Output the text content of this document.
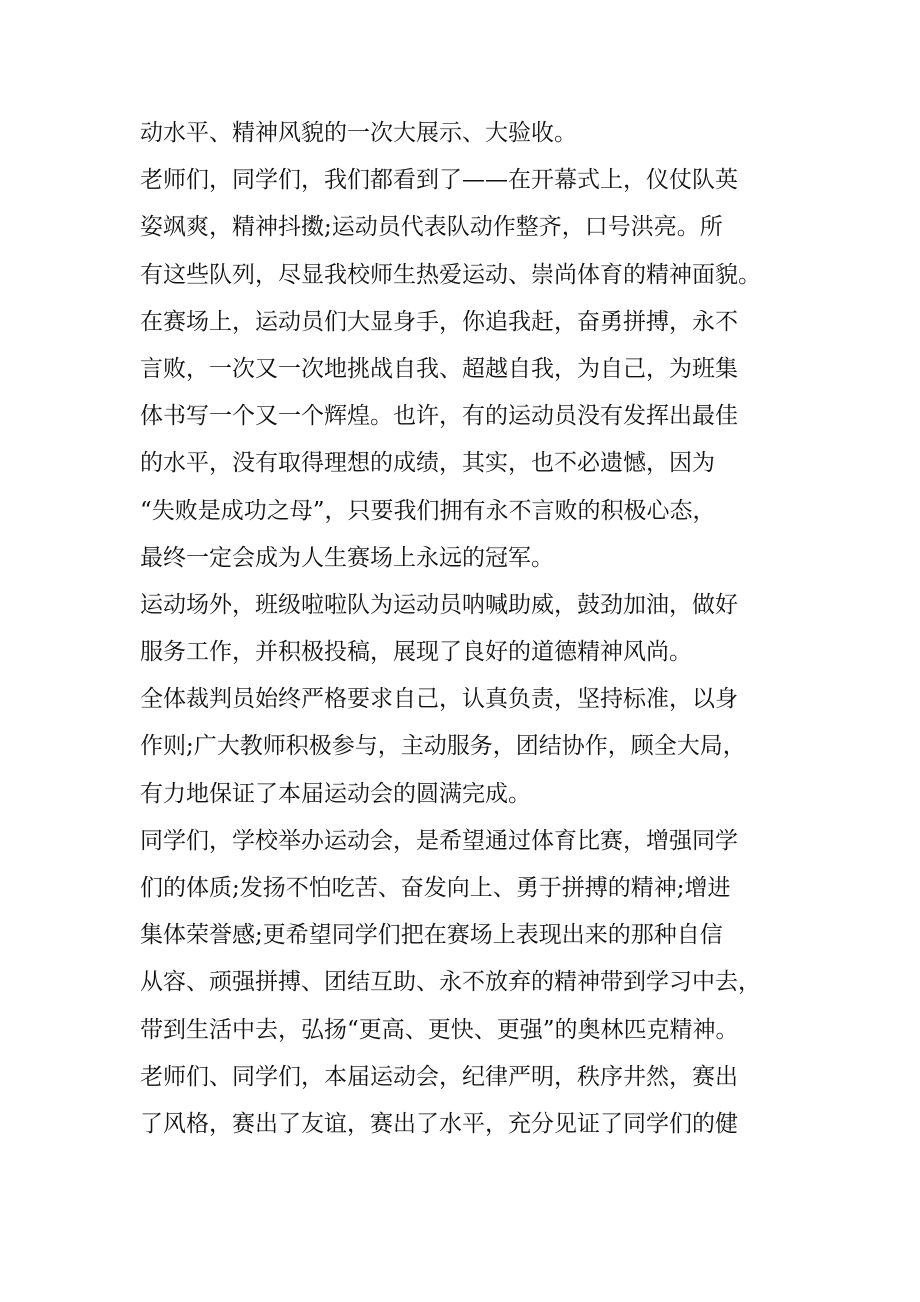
动水平、精神风貌的一次大展示、大验收。
老师们，同学们，我们都看到了——在开幕式上，仪仗队英
姿飒爽，精神抖擞;运动员代表队动作整齐，口号洪亮。所
有这些队列，尽显我校师生热爱运动、崇尚体育的精神面貌。
在赛场上，运动员们大显身手，你追我赶，奋勇拼搏，永不
言败，一次又一次地挑战自我、超越自我，为自己，为班集
体书写一个又一个辉煌。也许，有的运动员没有发挥出最佳
的水平，没有取得理想的成绩，其实，也不必遗憾，因为
“失败是成功之母”，只要我们拥有永不言败的积极心态，
最终一定会成为人生赛场上永远的冠军。
运动场外，班级啦啦队为运动员呐喊助威，鼓劲加油，做好
服务工作，并积极投稿，展现了良好的道德精神风尚。
全体裁判员始终严格要求自己，认真负责，坚持标准，以身
作则;广大教师积极参与，主动服务，团结协作，顾全大局，
有力地保证了本届运动会的圆满完成。
同学们，学校举办运动会，是希望通过体育比赛，增强同学
们的体质;发扬不怕吃苦、奋发向上、勇于拼搏的精神;增进
集体荣誉感;更希望同学们把在赛场上表现出来的那种自信
从容、顽强拼搏、团结互助、永不放弃的精神带到学习中去，
带到生活中去，弘扬“更高、更快、更强”的奥林匹克精神。
老师们、同学们，本届运动会，纪律严明，秩序井然，赛出
了风格，赛出了友谊，赛出了水平，充分见证了同学们的健
